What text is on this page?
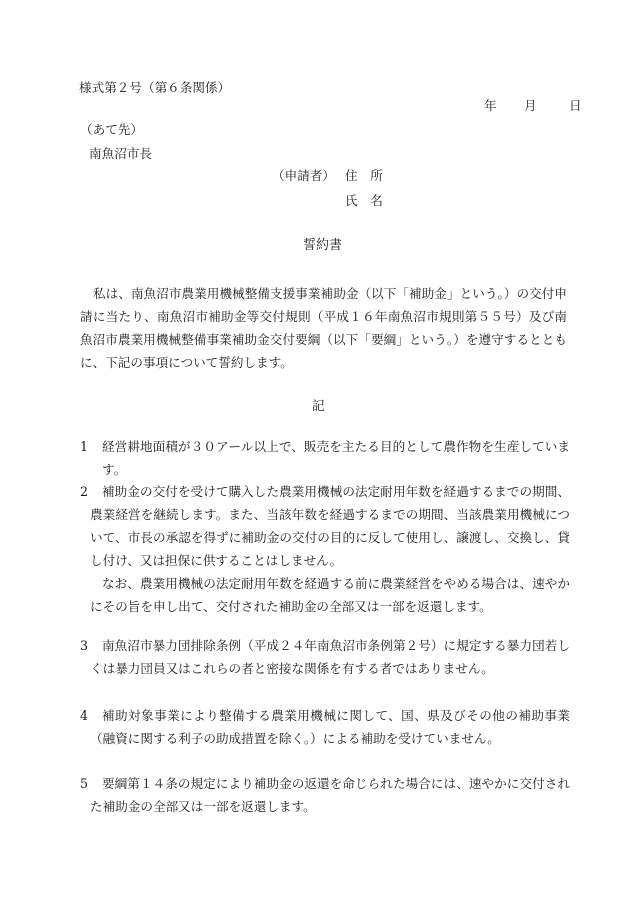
様式第２号（第６条関係）
年 月	日
（あて先）
南魚沼市長
（申請者） 住　所
氏　名
誓約書
私は、南魚沼市農業用機械整備支援事業補助金（以下「補助金」という。）の交付申請に当たり、南魚沼市補助金等交付規則（平成１６年南魚沼市規則第５５号）及び南魚沼市農業用機械整備事業補助金交付要綱（以下「要綱」という。）を遵守するとともに、下記の事項について誓約します。
記
1	経営耕地面積が３０アール以上で、販売を主たる目的として農作物を生産しています。
2	補助金の交付を受けて購入した農業用機械の法定耐用年数を経過するまでの期間、農業経営を継続します。また、当該年数を経過するまでの期間、当該農業用機械について、市長の承認を得ずに補助金の交付の目的に反して使用し、譲渡し、交換し、貸し付け、又は担保に供することはしません。
なお、農業用機械の法定耐用年数を経過する前に農業経営をやめる場合は、速やかにその旨を申し出て、交付された補助金の全部又は一部を返還します。
3	南魚沼市暴力団排除条例（平成２４年南魚沼市条例第２号）に規定する暴力団若しくは暴力団員又はこれらの者と密接な関係を有する者ではありません。
4	補助対象事業により整備する農業用機械に関して、国、県及びその他の補助事業（融資に関する利子の助成措置を除く。）による補助を受けていません。
5	要綱第１４条の規定により補助金の返還を命じられた場合には、速やかに交付された補助金の全部又は一部を返還します。
